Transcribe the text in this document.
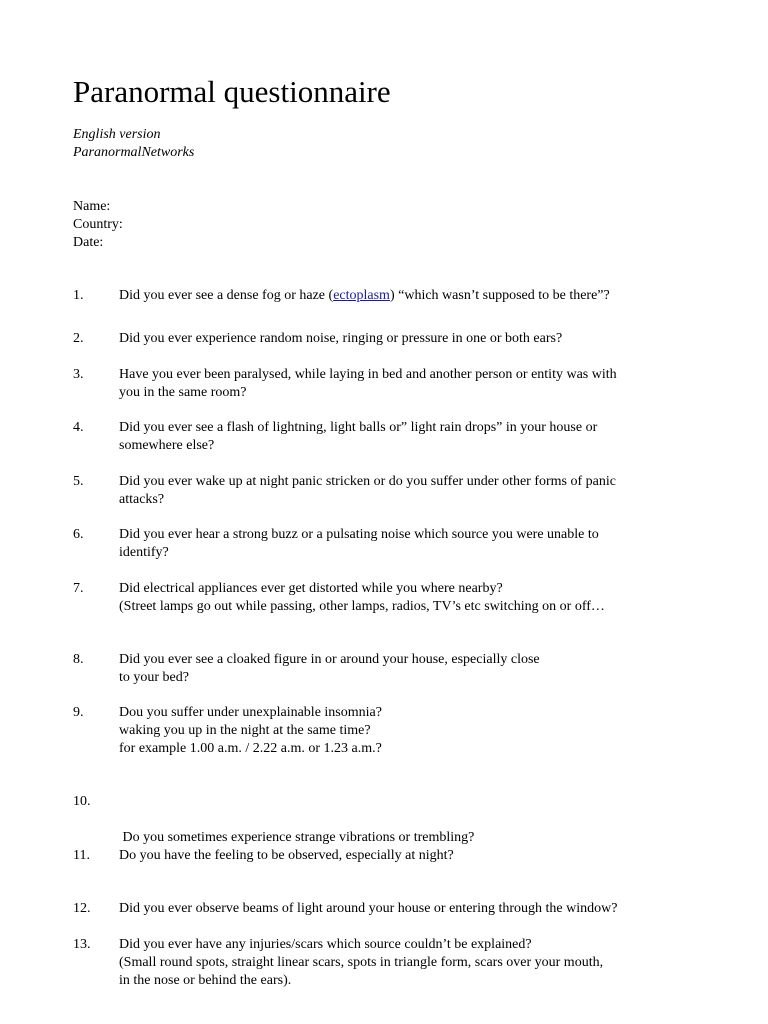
Paranormal questionnaire
English version
ParanormalNetworks
Name:
Country:
Date:
1.	Did you ever see a dense fog or haze (ectoplasm) “which wasn’t supposed to be there”?
2.	Did you ever experience random noise, ringing or pressure in one or both ears?
3.	Have you ever been paralysed, while laying in bed and another person or entity was with
you in the same room?
4.	Did you ever see a flash of lightning, light balls or” light rain drops” in your house or
somewhere else?
5.	Did you ever wake up at night panic stricken or do you suffer under other forms of panic
attacks?
6.	Did you ever hear a strong buzz or a pulsating noise which source you were unable to
identify?
7.	Did electrical appliances ever get distorted while you where nearby?
(Street lamps go out while passing, other lamps, radios, TV’s etc switching on or off…
8.	Did you ever see a cloaked figure in or around your house, especially close
to your bed?
9.	Dou you suffer under unexplainable insomnia?
waking you up in the night at the same time?
for example 1.00 a.m. / 2.22 a.m. or 1.23 a.m.?
10.

Do you sometimes experience strange vibrations or trembling?

11. Do you have the feeling to be observed, especially at night?
12. Did you ever observe beams of light around your house or entering through the window?
13. Did you ever have any injuries/scars which source couldn’t be explained?
(Small round spots, straight linear scars, spots in triangle form, scars over your mouth,
in the nose or behind the ears).
